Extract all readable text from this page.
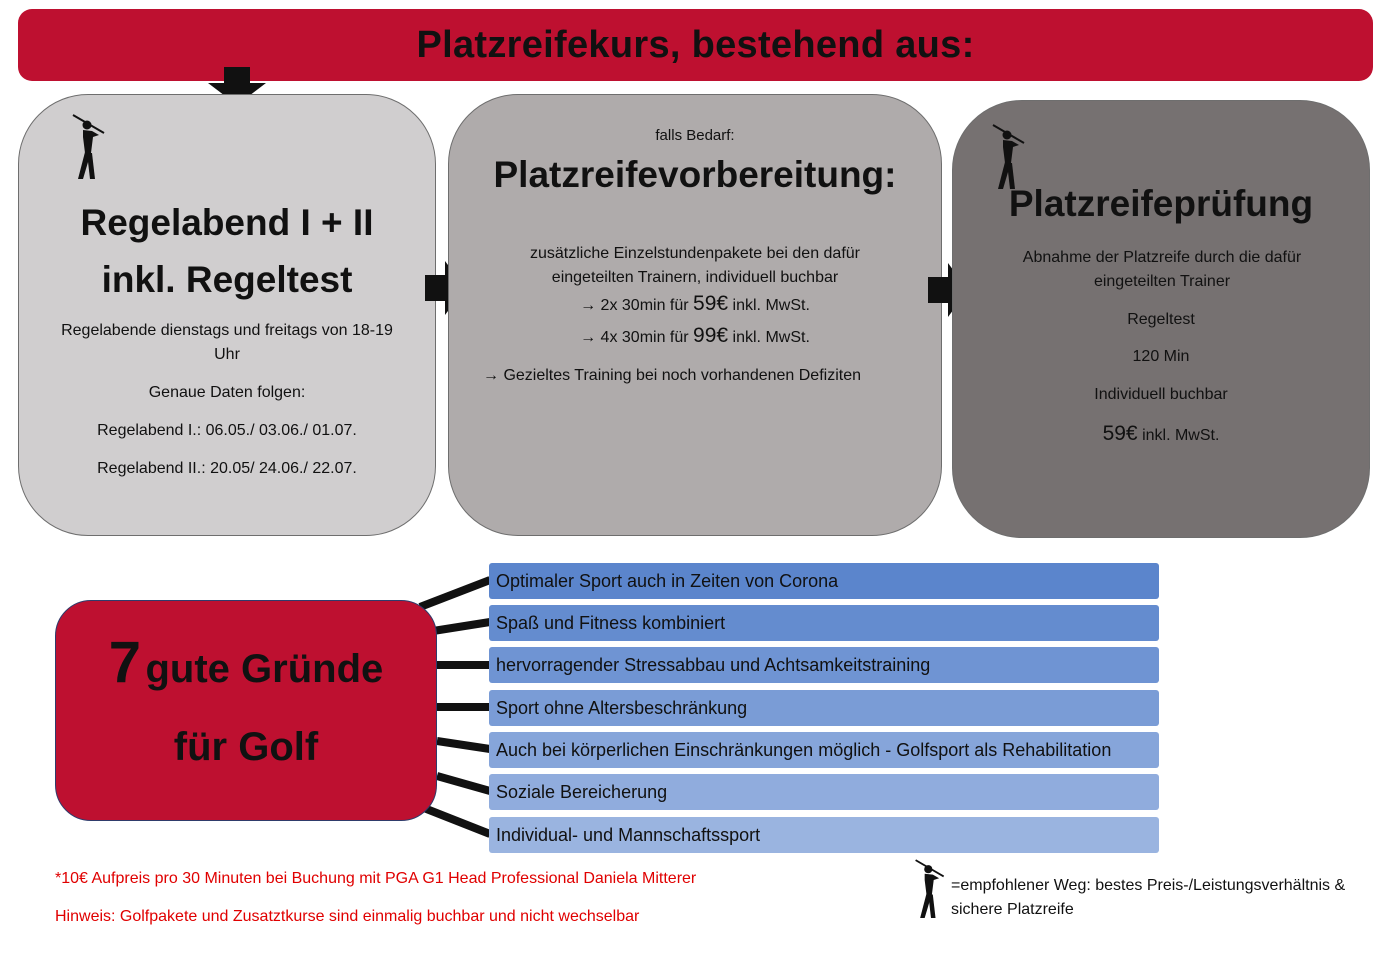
Platzreifekurs, bestehend aus:
Regelabend I + II
inkl. Regeltest
Regelabende dienstags und freitags von 18-19 Uhr
Genaue Daten folgen:
Regelabend I.: 06.05./ 03.06./ 01.07.
Regelabend II.: 20.05/ 24.06./ 22.07.
falls Bedarf:
Platzreifevorbereitung:
zusätzliche Einzelstundenpakete bei den dafür eingeteilten Trainern, individuell buchbar
→ 2x 30min für 59€ inkl. MwSt.
→ 4x 30min für 99€ inkl. MwSt.
→ Gezieltes Training bei noch vorhandenen Defiziten
Platzreifeprüfung
Abnahme der Platzreife durch die dafür eingeteilten Trainer
Regeltest
120 Min
Individuell buchbar
59€ inkl. MwSt.
7 gute Gründe
für Golf
Optimaler Sport auch in Zeiten von Corona
Spaß und Fitness kombiniert
hervorragender Stressabbau und Achtsamkeitstraining
Sport ohne Altersbeschränkung
Auch bei körperlichen Einschränkungen möglich - Golfsport als Rehabilitation
Soziale Bereicherung
Individual- und Mannschaftssport
*10€ Aufpreis pro 30 Minuten bei Buchung mit PGA G1 Head Professional Daniela Mitterer
Hinweis: Golfpakete und Zusatztkurse sind einmalig buchbar und nicht wechselbar
=empfohlener Weg: bestes Preis-/Leistungsverhältnis & sichere Platzreife
